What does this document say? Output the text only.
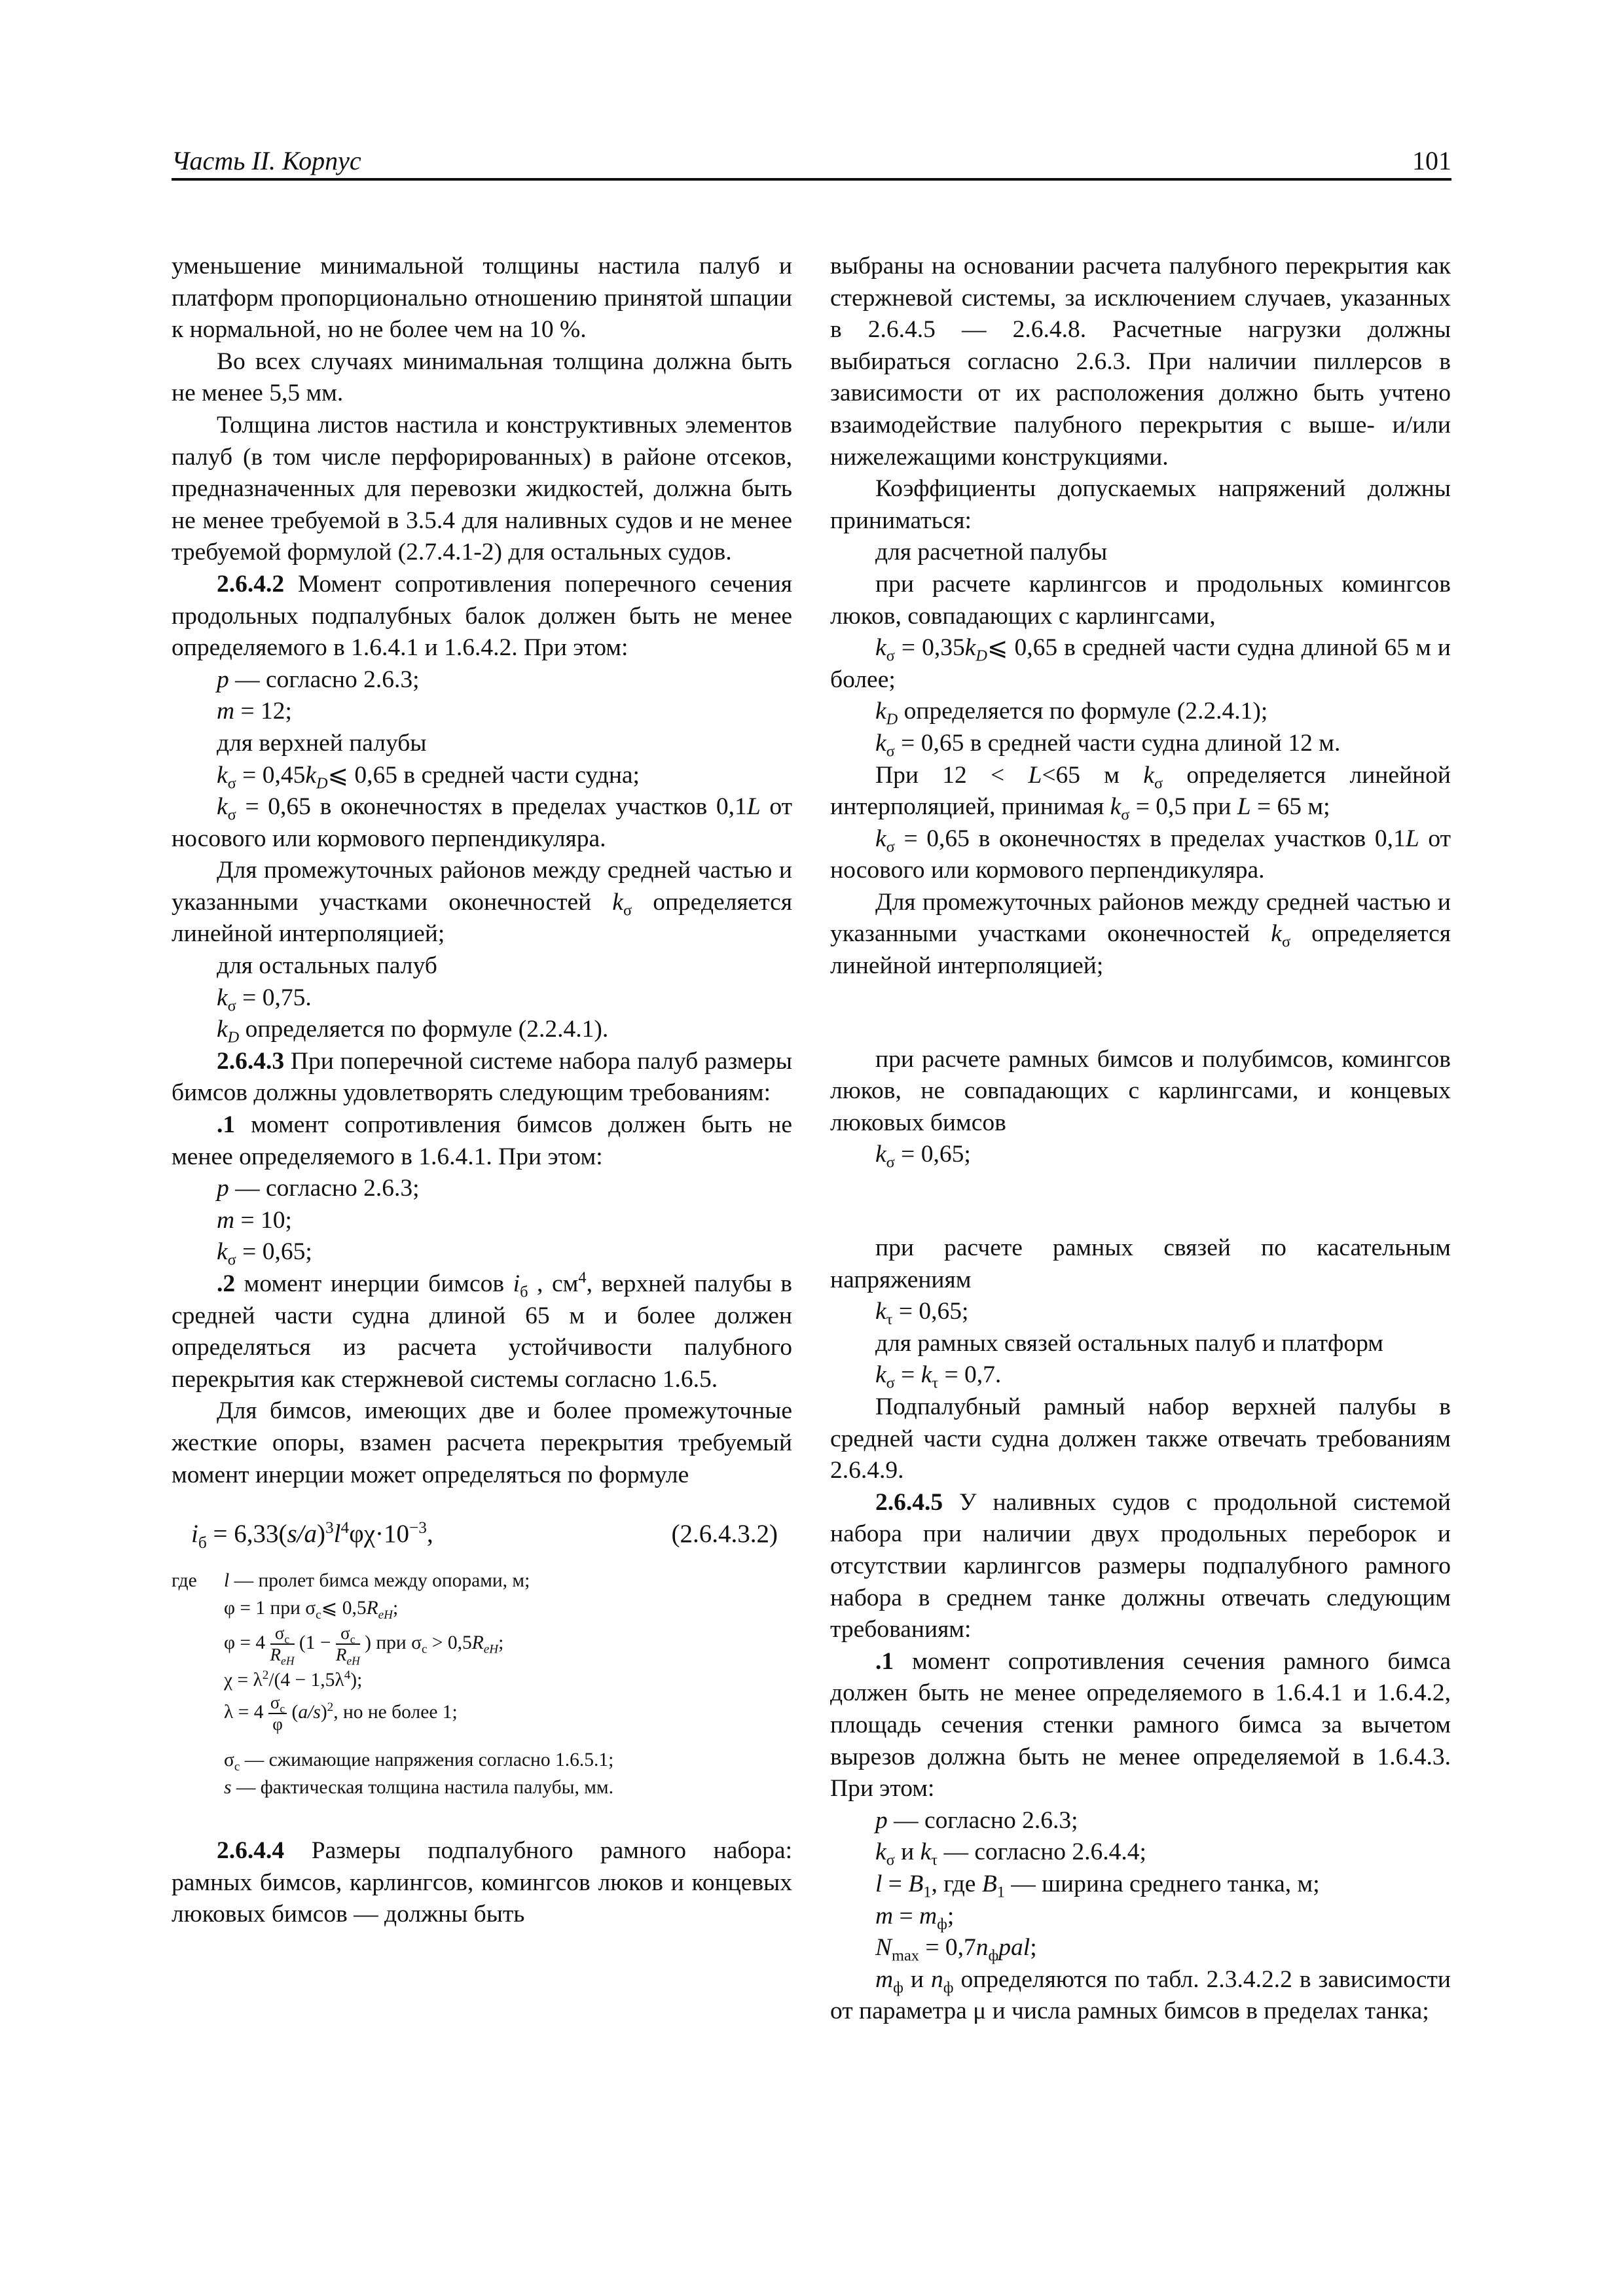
Часть II. Корпус	101

уменьшение минимальной толщины настила палуб и платформ пропорционально отношению принятой шпации к нормальной, но не более чем на 10 %.

Во всех случаях минимальная толщина должна быть не менее 5,5 мм.

Толщина листов настила и конструктивных элементов палуб (в том числе перфорированных) в районе отсеков, предназначенных для перевозки жидкостей, должна быть не менее требуемой в 3.5.4 для наливных судов и не менее требуемой формулой (2.7.4.1-2) для остальных судов.

2.6.4.2 Момент сопротивления поперечного сечения продольных подпалубных балок должен быть не менее определяемого в 1.6.4.1 и 1.6.4.2. При этом:

p — согласно 2.6.3;

m = 12;

для верхней палубы

$k_\sigma$ = $0,45k_D⩽$ 0,65 в средней части судна;

$k_\sigma = 0,65$ в оконечностях в пределах участков 0,1L от носового или кормового перпендикуляра.

Для промежуточных районов между средней частью и указанными участками оконечностей $k_\sigma$ определяется линейной интерполяцией;

для остальных палуб

$k_\sigma = 0,75$.

$k_D$ определяется по формуле (2.2.4.1).

2.6.4.3 При поперечной системе набора палуб размеры бимсов должны удовлетворять следующим требованиям:

.1 момент сопротивления бимсов должен быть не менее определяемого в 1.6.4.1. При этом:

p — согласно 2.6.3;

m = 10;

$k_\sigma = 0,65$;

.2 момент инерции бимсов $i_б$ , $см^4$, верхней палубы в средней части судна длиной 65 м и более должен определяться из расчета устойчивости палубного перекрытия как стержневой системы согласно 1.6.5.

Для бимсов, имеющих две и более промежуточные жесткие опоры, взамен расчета перекрытия требуемый момент инерции может определяться по формуле

$i_б = 6,33(s/a)^3l^4\varphi\chi\cdot 10^{-3}$,	(2.6.4.3.2)
где l — пролет бимса между опорами, м;
φ = 1 при $\sigma_c⩽$ $0,5R_{eH}$;
$\varphi = 4 \frac{\sigma_c}{R_{eH}} (1 - \frac{\sigma_c}{R_{eH}}$ ) при $\sigma_c > 0,5R_{eH}$;
$\chi = \lambda^2/(4 - 1,5\lambda^4)$;
$\lambda = 4 \frac{\sigma_c}{\varphi} (a/s)^2$, но не более 1;
$\sigma_c$ — сжимающие напряжения согласно 1.6.5.1;
s — фактическая толщина настила палубы, мм.

2.6.4.4 Размеры подпалубного рамного набора: рамных бимсов, карлингсов, комингсов люков и концевых люковых бимсов — должны быть

выбраны на основании расчета палубного перекрытия как стержневой системы, за исключением случаев, указанных в 2.6.4.5 — 2.6.4.8. Расчетные нагрузки должны выбираться согласно 2.6.3. При наличии пиллерсов в зависимости от их расположения должно быть учтено взаимодействие палубного перекрытия с выше- и/или нижележащими конструкциями.

Коэффициенты допускаемых напряжений должны приниматься:

для расчетной палубы

при расчете карлингсов и продольных комингсов люков, совпадающих с карлингсами,

$k_\sigma$ = $0,35k_D⩽$ 0,65 в средней части судна длиной 65 м и более;

$k_D$ определяется по формуле (2.2.4.1);

$k_\sigma = 0,65$ в средней части судна длиной 12 м.

При 12 < L<65 м $k_\sigma$ определяется линейной интерполяцией, принимая $k_\sigma = 0,5$ при L = 65 м;

$k_\sigma = 0,65$ в оконечностях в пределах участков 0,1L от носового или кормового перпендикуляра.

Для промежуточных районов между средней частью и указанными участками оконечностей $k_\sigma$ определяется линейной интерполяцией;

при расчете рамных бимсов и полубимсов, комингсов люков, не совпадающих с карлингсами, и концевых люковых бимсов

$k_\sigma = 0,65$;

при расчете рамных связей по касательным напряжениям

$k_\tau = 0,65$;

для рамных связей остальных палуб и платформ

$k_\sigma = k_\tau = 0,7$.

Подпалубный рамный набор верхней палубы в средней части судна должен также отвечать требованиям 2.6.4.9.

2.6.4.5 У наливных судов с продольной системой набора при наличии двух продольных переборок и отсутствии карлингсов размеры подпалубного рамного набора в среднем танке должны отвечать следующим требованиям:

.1 момент сопротивления сечения рамного бимса должен быть не менее определяемого в 1.6.4.1 и 1.6.4.2, площадь сечения стенки рамного бимса за вычетом вырезов должна быть не менее определяемой в 1.6.4.3. При этом:

p — согласно 2.6.3;

$k_\sigma$ и $k_\tau$ — согласно 2.6.4.4;

$l = B_1$, где $B_1$ — ширина среднего танка, м;

$m = m_ф$;

$N_{max} = 0,7n_фpal$;

$m_ф$ и $n_ф$ определяются по табл. 2.3.4.2.2 в зависимости от параметра μ и числа рамных бимсов в пределах танка;
